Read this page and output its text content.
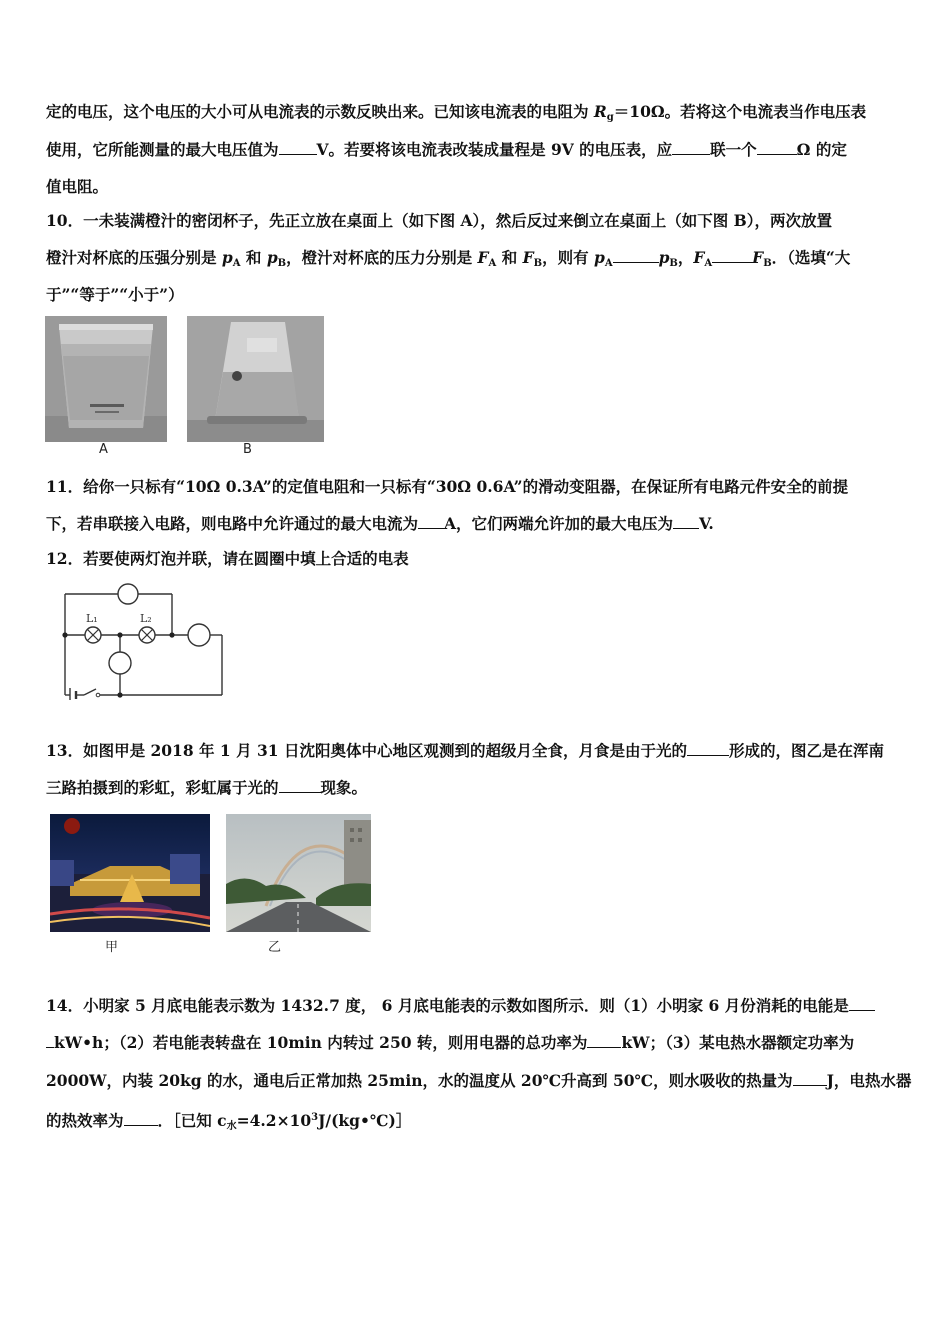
定的电压，这个电压的大小可从电流表的示数反映出来。已知该电流表的电阻为 $R_g=10\Omega$。若将这个电流表当作电压表
使用，它所能测量的最大电压值为 V。若要将该电流表改装成量程是 9V 的电压表，应 联一个	Ω 的定
值电阻。
10．一未装满橙汁的密闭杯子，先正立放在桌面上（如下图 A），然后反过来倒立在桌面上（如下图 B），两次放置
橙汁对杯底的压强分别是 $p_A$ 和 $p_B$，橙汁对杯底的压力分别是 $F_A$ 和 $F_B$，则有 $p_A$	$p_B$，$F_A$	$F_B$．（选填“大
于”“等于”“小于”）
A	B
11．给你一只标有“10Ω 0.3A”的定值电阻和一只标有“30Ω 0.6A”的滑动变阻器，在保证所有电路元件安全的前提
下，若串联接入电路，则电路中允许通过的最大电流为 A，它们两端允许加的最大电压为 V.
12．若要使两灯泡并联，请在圆圈中填上合适的电表
L₁	L₂
13．如图甲是 2018 年 1 月 31 日沈阳奥体中心地区观测到的超级月全食，月食是由于光的	形成的，图乙是在浑南
三路拍摄到的彩虹，彩虹属于光的	现象。
甲	乙
14．小明家 5 月底电能表示数为 1432.7 度， 6 月底电能表的示数如图所示．则（1）小明家 6 月份消耗的电能是
kW•h；（2）若电能表转盘在 10min 内转过 250 转，则用电器的总功率为 kW；（3）某电热水器额定功率为
2000W，内装 20kg 的水，通电后正常加热 25min，水的温度从 20℃升高到 50℃，则水吸收的热量为 J，电热水器
的热效率为 ．［已知 $c_水=4.2\times 10^3J/(kg•℃)]$
